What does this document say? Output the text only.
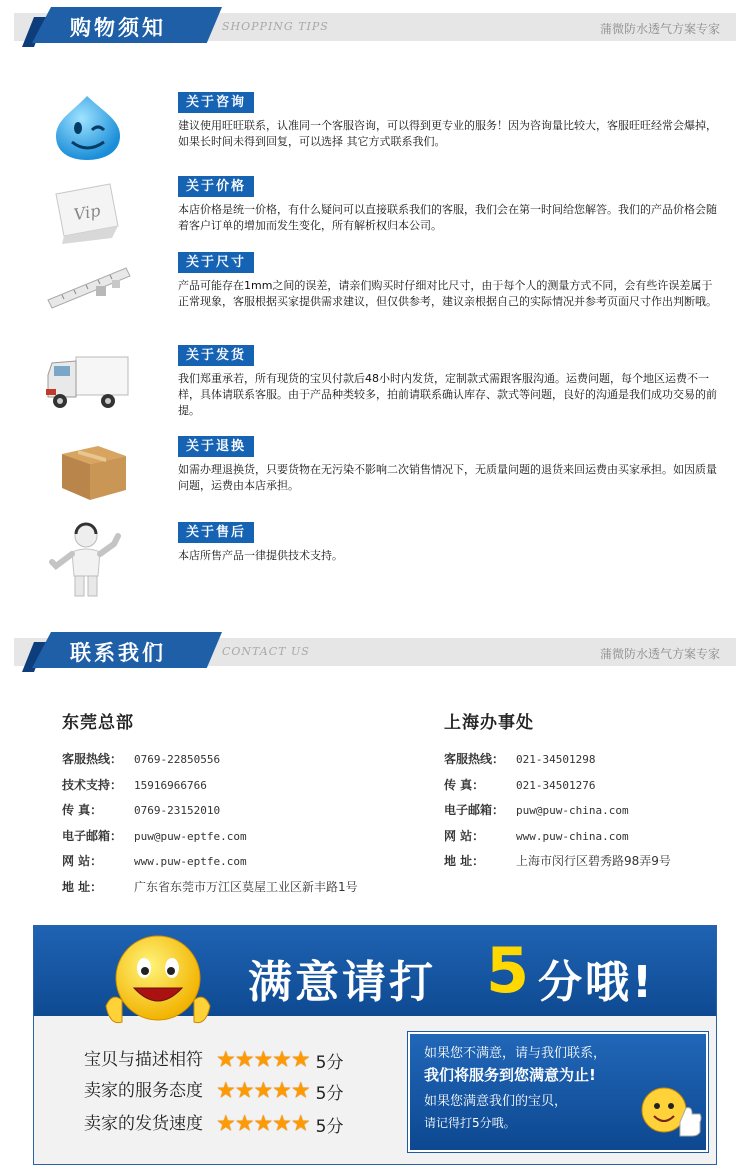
购物须知	SHOPPING TIPS	蒲微防水透气方案专家
关于咨询
建议使用旺旺联系，认准同一个客服咨询，可以得到更专业的服务！因为咨询量比较大，客服旺旺经常会爆掉，如果长时间未得到回复，可以选择 其它方式联系我们。
Vip
关于价格
本店价格是统一价格，有什么疑问可以直接联系我们的客服，我们会在第一时间给您解答。我们的产品价格会随着客户订单的增加而发生变化，所有解析权归本公司。
关于尺寸
产品可能存在1mm之间的误差，请亲们购买时仔细对比尺寸，由于每个人的测量方式不同，会有些许误差属于正常现象，客服根据买家提供需求建议，但仅供参考，建议亲根据自己的实际情况并参考页面尺寸作出判断哦。
关于发货
我们郑重承若，所有现货的宝贝付款后48小时内发货，定制款式需跟客服沟通。运费问题，每个地区运费不一样，具体请联系客服。由于产品种类较多，拍前请联系确认库存、款式等问题，良好的沟通是我们成功交易的前提。
关于退换
如需办理退换货，只要货物在无污染不影响二次销售情况下，无质量问题的退货来回运费由买家承担。如因质量问题，运费由本店承担。
关于售后
本店所售产品一律提供技术支持。
联系我们	CONTACT US	蒲微防水透气方案专家
东莞总部
客服热线： 0769-22850556
技术支持： 15916966766
传 真：	0769-23152010
电子邮箱： puw@puw-eptfe.com
网 站：	www.puw-eptfe.com
地 址：	广东省东莞市万江区莫屋工业区新丰路1号
上海办事处
客服热线： 021-34501298
传 真：	021-34501276
电子邮箱： puw@puw-china.com
网 站：	www.puw-china.com
地 址：	上海市闵行区碧秀路98弄9号
满意请打 5 分哦!
宝贝与描述相符 ★★★★★ 5分
卖家的服务态度 ★★★★★ 5分
卖家的发货速度 ★★★★★ 5分
如果您不满意，请与我们联系，
我们将服务到您满意为止!
如果您满意我们的宝贝，
请记得打5分哦。
